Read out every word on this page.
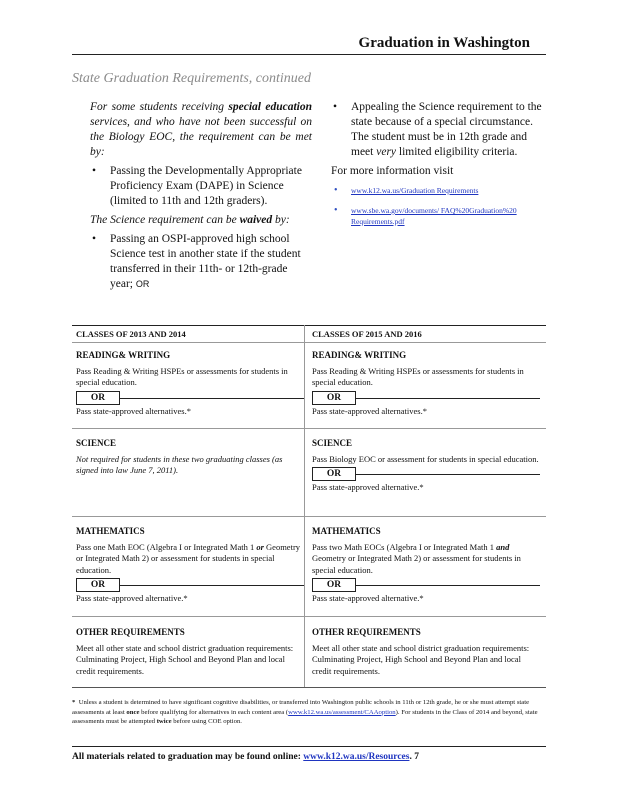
Graduation in Washington
State Graduation Requirements, continued

For some students receiving special education services, and who have not been successful on the Biology EOC, the requirement can be met by:

• Passing the Developmentally Appropriate Proficiency Exam (DAPE) in Science (limited to 11th and 12th graders).

The Science requirement can be waived by:

• Passing an OSPI-approved high school Science test in another state if the student transferred in their 11th- or 12th-grade year; OR
• Appealing the Science requirement to the state because of a special circumstance. The student must be in 12th grade and meet very limited eligibility criteria.

For more information visit

• www.k12.wa.us/Graduation Requirements
• www.sbe.wa.gov/documents/ FAQ%20Graduation%20 Requirements.pdf
CLASSES OF 2013 AND 2014	CLASSES OF 2015 AND 2016
READING& WRITING

Pass Reading & Writing HSPEs or assessments for students in special education.

OR

Pass state-approved alternatives.*

READING& WRITING

Pass Reading & Writing HSPEs or assessments for students in special education.

OR

Pass state-approved alternatives.*

SCIENCE

Not required for students in these two graduating classes (as signed into law June 7, 2011).

SCIENCE

Pass Biology EOC or assessment for students in special education.

OR

Pass state-approved alternative.*

MATHEMATICS

Pass one Math EOC (Algebra I or Integrated Math 1 or Geometry or Integrated Math 2) or assessment for students in special education.

OR

Pass state-approved alternative.*

MATHEMATICS

Pass two Math EOCs (Algebra I or Integrated Math 1 and Geometry or Integrated Math 2) or assessment for students in special education.

OR

Pass state-approved alternative.*

OTHER REQUIREMENTS

Meet all other state and school district graduation requirements: Culminating Project, High School and Beyond Plan and local credit requirements.

OTHER REQUIREMENTS

Meet all other state and school district graduation requirements: Culminating Project, High School and Beyond Plan and local credit requirements.

* Unless a student is determined to have significant cognitive disabilities, or transferred into Washington public schools in 11th or 12th grade, he or she must attempt state assessments at least once before qualifying for alternatives in each content area (www.k12.wa.us/assessment/CAAoption). For students in the Class of 2014 and beyond, state assessments must be attempted twice before using COE option.
All materials related to graduation may be found online: www.k12.wa.us/Resources. 7
